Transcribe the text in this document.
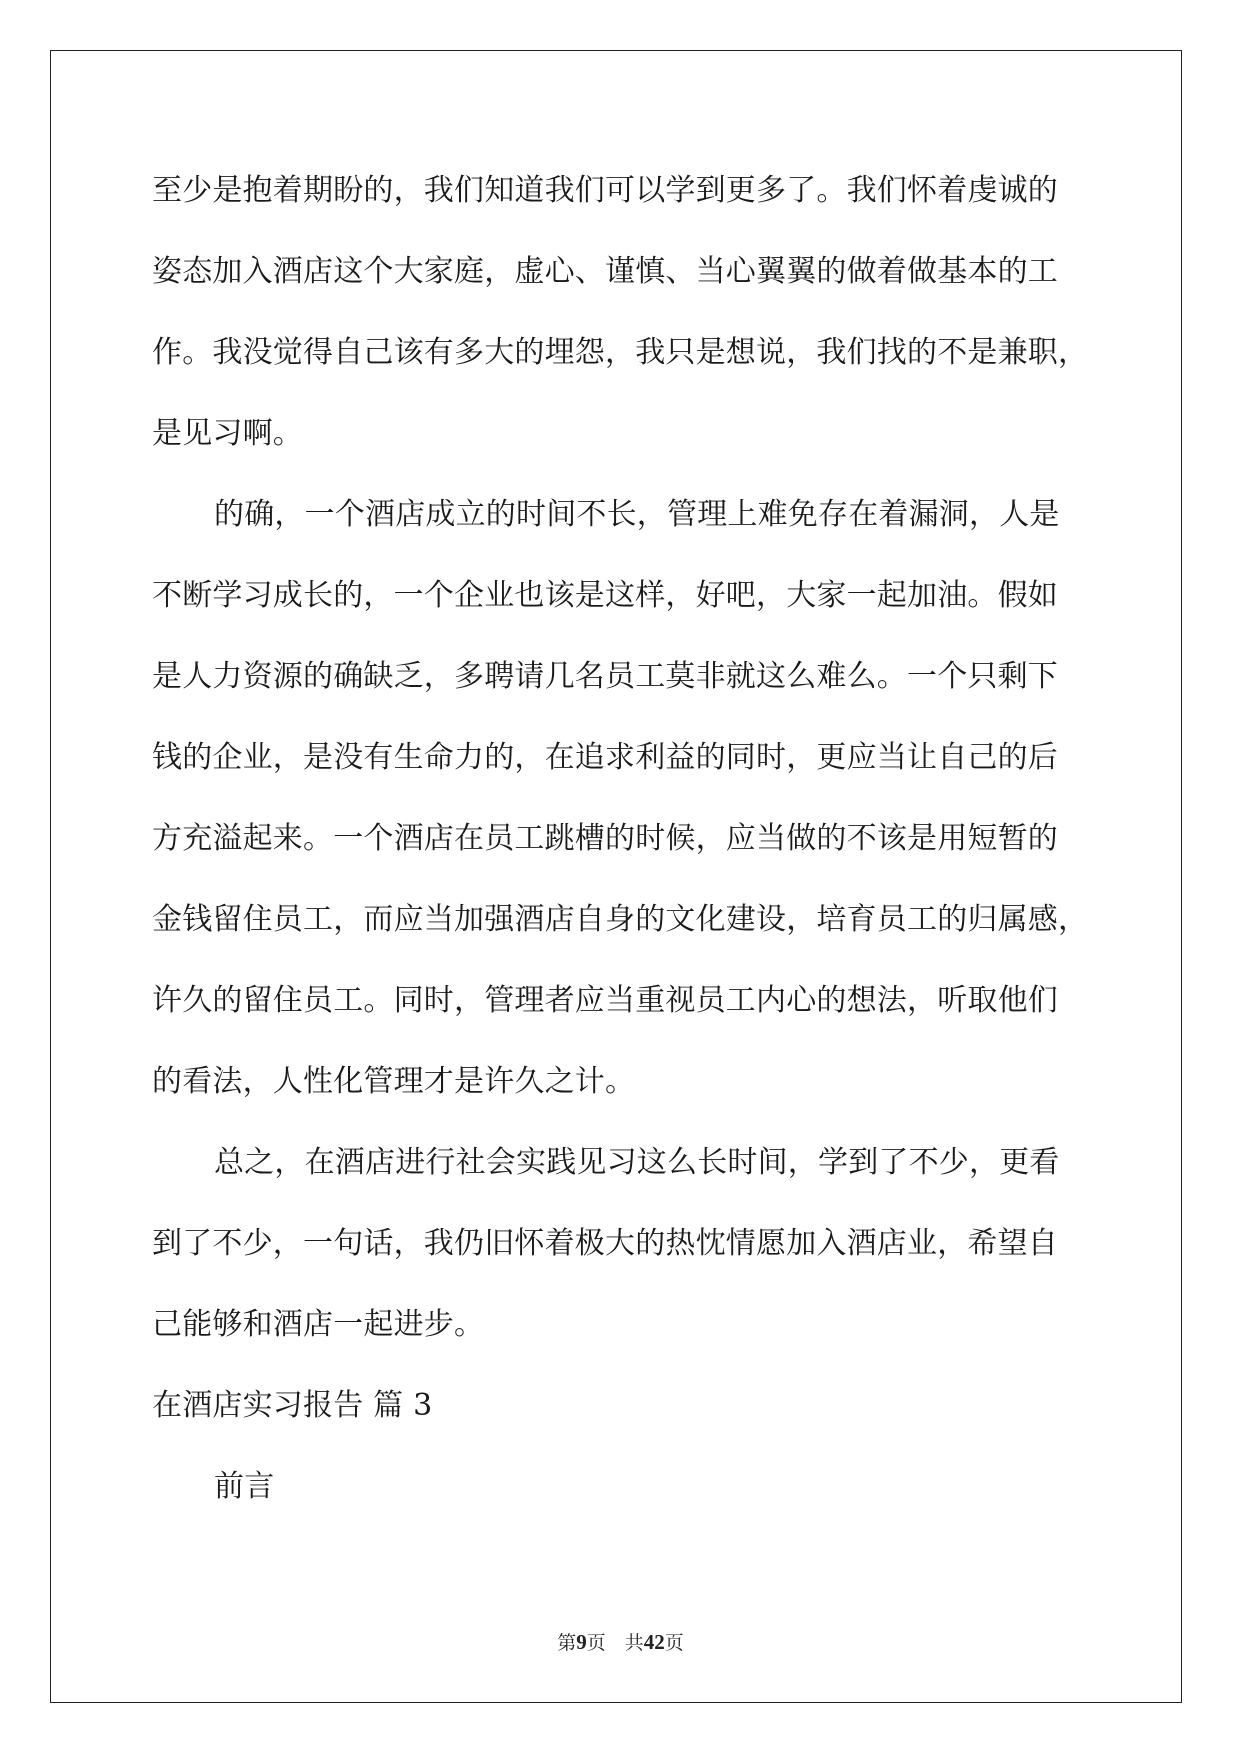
至少是抱着期盼的，我们知道我们可以学到更多了。我们怀着虔诚的
姿态加入酒店这个大家庭，虚心、谨慎、当心翼翼的做着做基本的工
作。我没觉得自己该有多大的埋怨，我只是想说，我们找的不是兼职，
是见习啊。
的确，一个酒店成立的时间不长，管理上难免存在着漏洞，人是
不断学习成长的，一个企业也该是这样，好吧，大家一起加油。假如
是人力资源的确缺乏，多聘请几名员工莫非就这么难么。一个只剩下
钱的企业，是没有生命力的，在追求利益的同时，更应当让自己的后
方充溢起来。一个酒店在员工跳槽的时候，应当做的不该是用短暂的
金钱留住员工，而应当加强酒店自身的文化建设，培育员工的归属感，
许久的留住员工。同时，管理者应当重视员工内心的想法，听取他们
的看法，人性化管理才是许久之计。
总之，在酒店进行社会实践见习这么长时间，学到了不少，更看
到了不少，一句话，我仍旧怀着极大的热忱情愿加入酒店业，希望自
己能够和酒店一起进步。
在酒店实习报告 篇 3
前言
第9页　共42页
